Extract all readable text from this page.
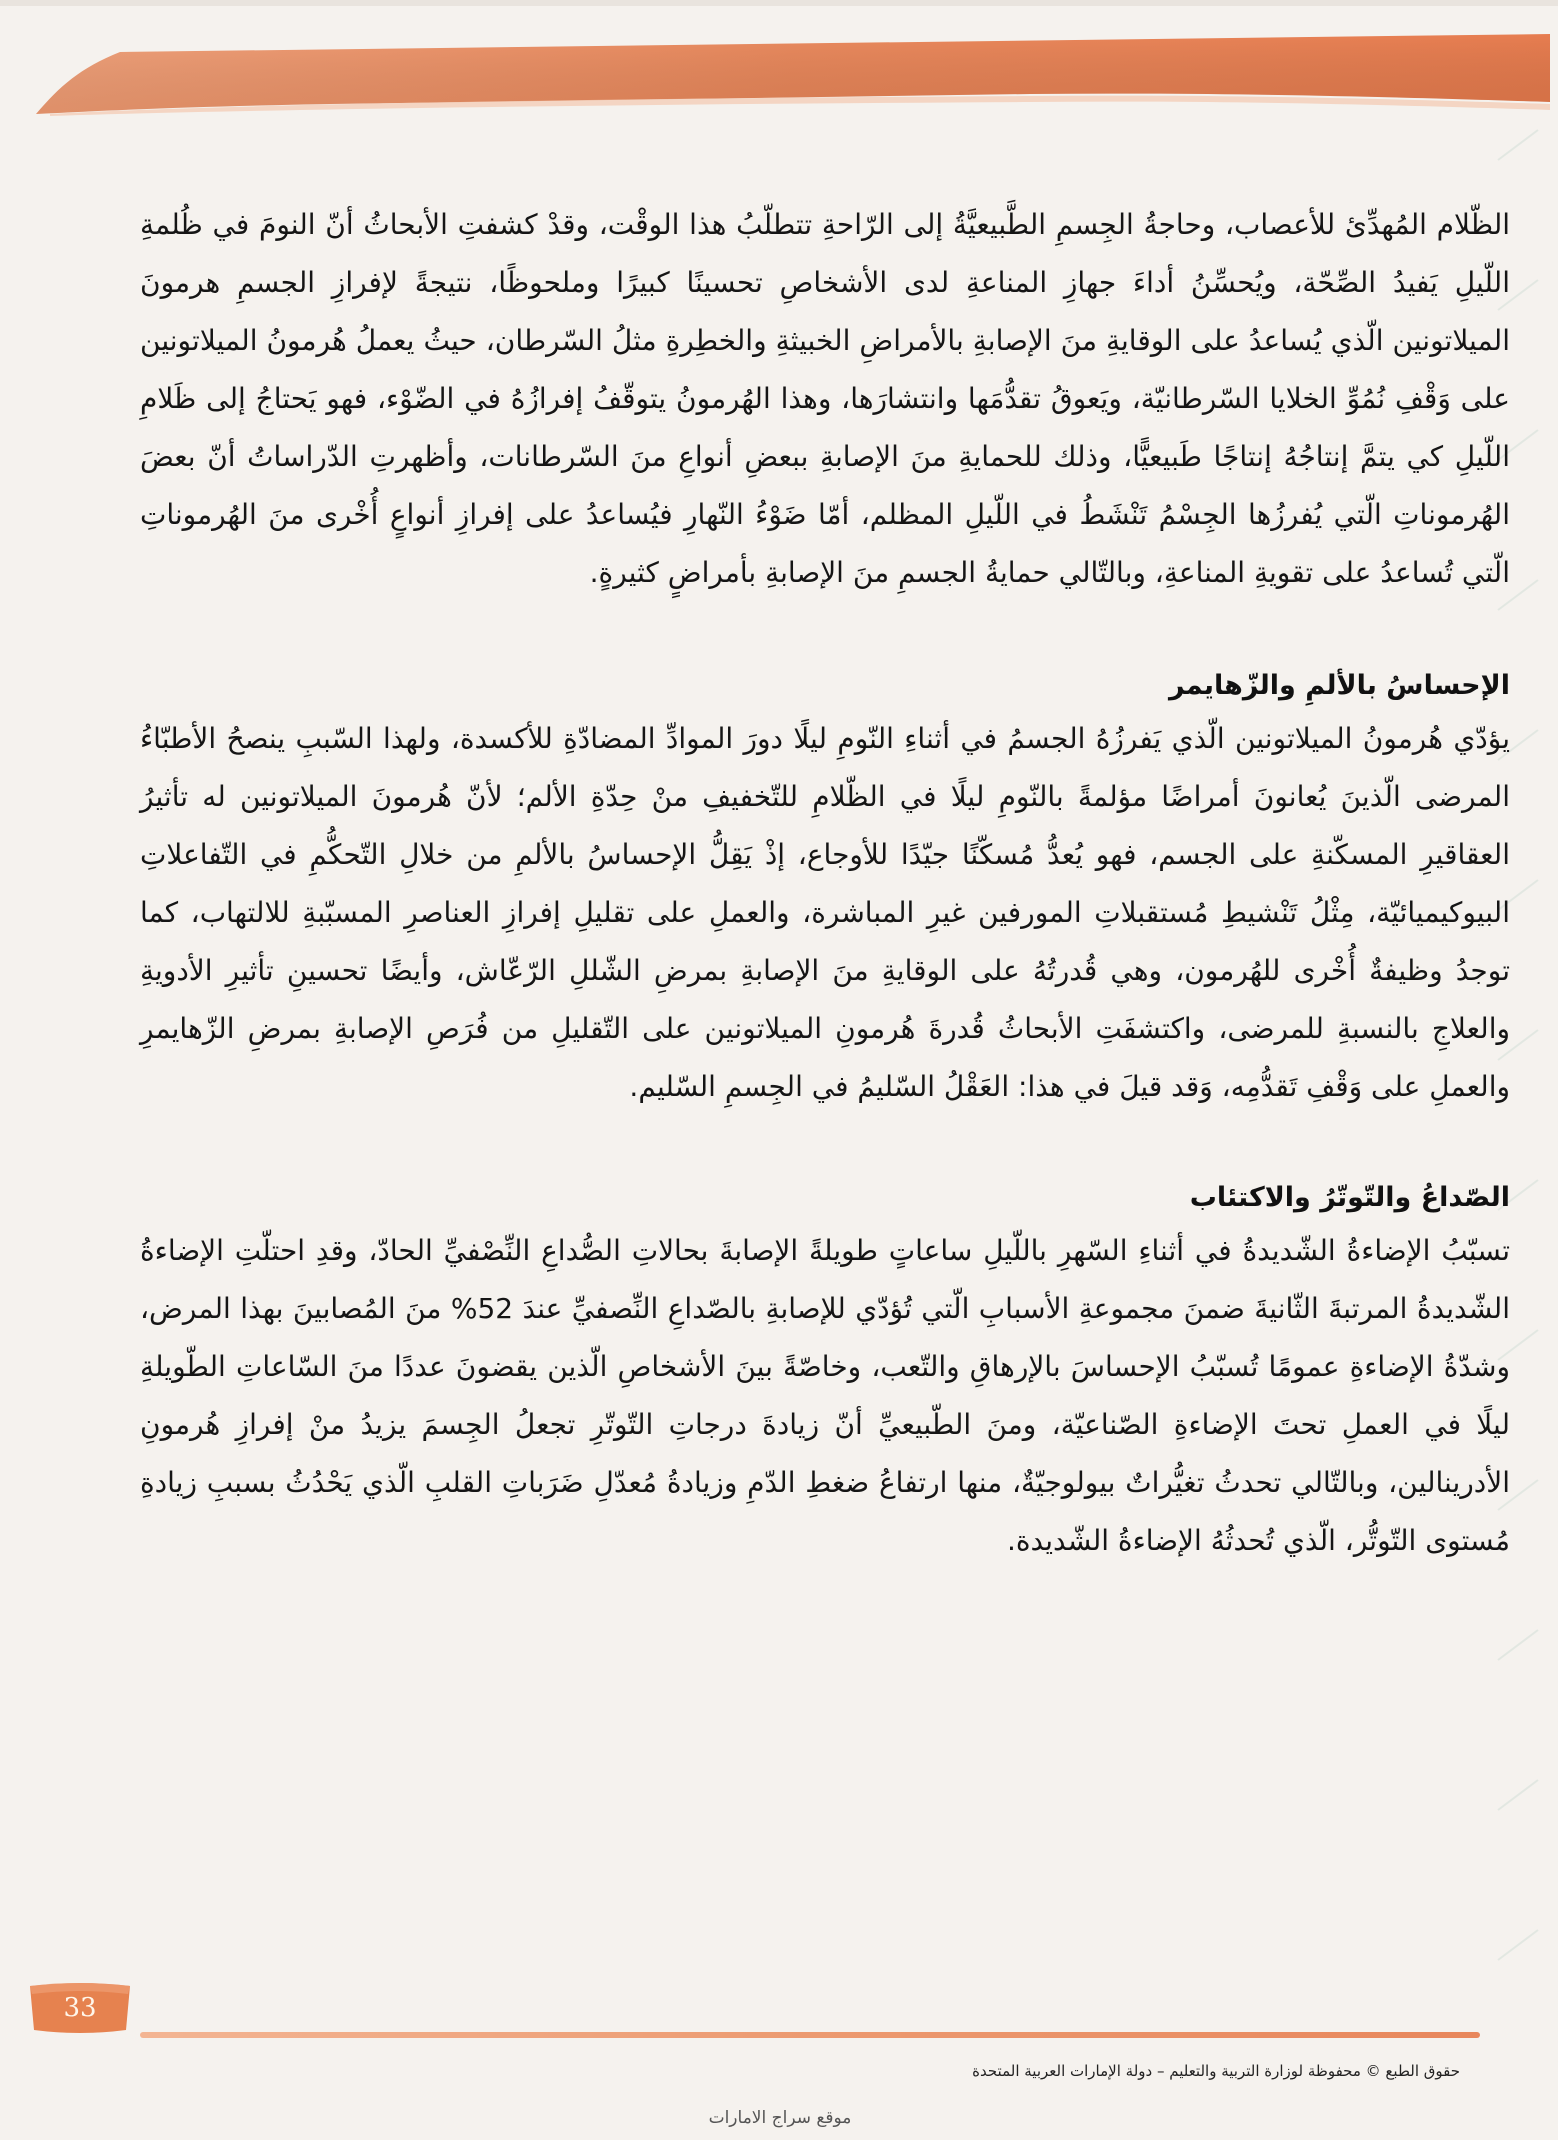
الظّلام المُهدِّئ للأعصاب، وحاجةُ الجِسمِ الطَّبيعيَّةُ إلى الرّاحةِ تتطلّبُ هذا الوقْت، وقدْ كشفتِ الأبحاثُ أنّ النومَ في ظُلمةِ اللّيلِ يَفيدُ الصِّحّة، ويُحسِّنُ أداءَ جهازِ المناعةِ لدى الأشخاصِ تحسينًا كبيرًا وملحوظًا، نتيجةً لإفرازِ الجسمِ هرمونَ الميلاتونين الّذي يُساعدُ على الوقايةِ منَ الإصابةِ بالأمراضِ الخبيثةِ والخطِرةِ مثلُ السّرطان، حيثُ يعملُ هُرمونُ الميلاتونين على وَقْفِ نُمُوِّ الخلايا السّرطانيّة، ويَعوقُ تقدُّمَها وانتشارَها، وهذا الهُرمونُ يتوقّفُ إفرازُهُ في الضّوْء، فهو يَحتاجُ إلى ظَلامِ اللّيلِ كي يتمَّ إنتاجُهُ إنتاجًا طَبيعيًّا، وذلك للحمايةِ منَ الإصابةِ ببعضِ أنواعِ منَ السّرطانات، وأظهرتِ الدّراساتُ أنّ بعضَ الهُرموناتِ الّتي يُفرزُها الجِسْمُ تَنْشَطُ في اللّيلِ المظلم، أمّا ضَوْءُ النّهارِ فيُساعدُ على إفرازِ أنواعٍ أُخْرى منَ الهُرموناتِ الّتي تُساعدُ على تقويةِ المناعةِ، وبالتّالي حمايةُ الجسمِ منَ الإصابةِ بأمراضٍ كثيرةٍ.

الإحساسُ بالألمِ والزّهايمر

يؤدّي هُرمونُ الميلاتونين الّذي يَفرزُهُ الجسمُ في أثناءِ النّومِ ليلًا دورَ الموادِّ المضادّةِ للأكسدة، ولهذا السّببِ ينصحُ الأطبّاءُ المرضى الّذينَ يُعانونَ أمراضًا مؤلمةً بالنّومِ ليلًا في الظّلامِ للتّخفيفِ منْ حِدّةِ الألم؛ لأنّ هُرمونَ الميلاتونين له تأثيرُ العقاقيرِ المسكّنةِ على الجسم، فهو يُعدُّ مُسكّنًا جيّدًا للأوجاع، إذْ يَقِلُّ الإحساسُ بالألمِ من خلالِ التّحكُّمِ في التّفاعلاتِ البيوكيميائيّة، مِثْلُ تَنْشيطِ مُستقبلاتِ المورفين غيرِ المباشرة، والعملِ على تقليلِ إفرازِ العناصرِ المسبّبةِ للالتهاب، كما توجدُ وظيفةٌ أُخْرى للهُرمون، وهي قُدرتُهُ على الوقايةِ منَ الإصابةِ بمرضِ الشّللِ الرّعّاش، وأيضًا تحسينِ تأثيرِ الأدويةِ والعلاجِ بالنسبةِ للمرضى، واكتشفَتِ الأبحاثُ قُدرةَ هُرمونِ الميلاتونين على التّقليلِ من فُرَصِ الإصابةِ بمرضِ الزّهايمرِ والعملِ على وَقْفِ تَقدُّمِه، وَقد قيلَ في هذا: العَقْلُ السّليمُ في الجِسمِ السّليم.

الصّداعُ والتّوتّرُ والاكتئاب

تسبّبُ الإضاءةُ الشّديدةُ في أثناءِ السّهرِ باللّيلِ ساعاتٍ طويلةً الإصابةَ بحالاتِ الصُّداعِ النِّصْفيِّ الحادّ، وقدِ احتلّتِ الإضاءةُ الشّديدةُ المرتبةَ الثّانيةَ ضمنَ مجموعةِ الأسبابِ الّتي تُؤدّي للإصابةِ بالصّداعِ النِّصفيِّ عندَ 52% منَ المُصابينَ بهذا المرض، وشدّةُ الإضاءةِ عمومًا تُسبّبُ الإحساسَ بالإرهاقِ والتّعب، وخاصّةً بينَ الأشخاصِ الّذين يقضونَ عددًا منَ السّاعاتِ الطّويلةِ ليلًا في العملِ تحتَ الإضاءةِ الصّناعيّة، ومنَ الطّبيعيِّ أنّ زيادةَ درجاتِ التّوتّرِ تجعلُ الجِسمَ يزيدُ منْ إفرازِ هُرمونِ الأدرينالين، وبالتّالي تحدثُ تغيُّراتٌ بيولوجيّةٌ، منها ارتفاعُ ضغطِ الدّمِ وزيادةُ مُعدّلِ ضَرَباتِ القلبِ الّذي يَحْدُثُ بسببِ زيادةِ مُستوى التّوتُّر، الّذي تُحدثُهُ الإضاءةُ الشّديدة.

33
حقوق الطبع © محفوظة لوزارة التربية والتعليم – دولة الإمارات العربية المتحدة
موقع سراج الامارات
